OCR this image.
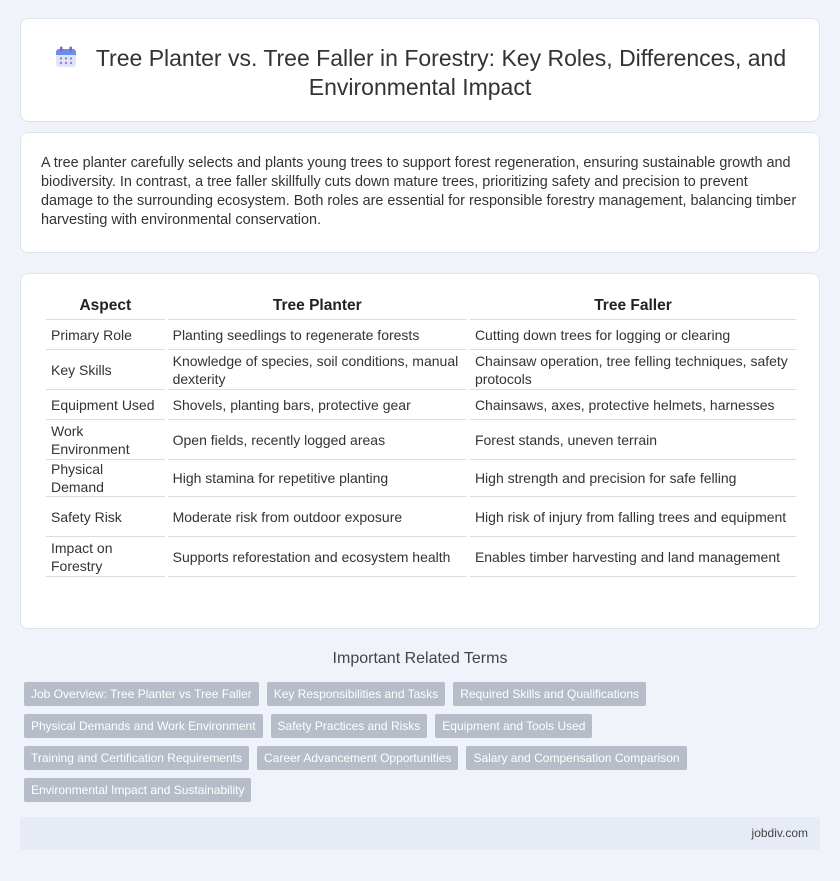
Tree Planter vs. Tree Faller in Forestry: Key Roles, Differences, and Environmental Impact

A tree planter carefully selects and plants young trees to support forest regeneration, ensuring sustainable growth and biodiversity. In contrast, a tree faller skillfully cuts down mature trees, prioritizing safety and precision to prevent damage to the surrounding ecosystem. Both roles are essential for responsible forestry management, balancing timber harvesting with environmental conservation.

Aspect	Tree Planter	Tree Faller
Primary Role	Planting seedlings to regenerate forests	Cutting down trees for logging or clearing
Key Skills	Knowledge of species, soil conditions, manual dexterity	Chainsaw operation, tree felling techniques, safety protocols
Equipment Used	Shovels, planting bars, protective gear	Chainsaws, axes, protective helmets, harnesses
Work Environment	Open fields, recently logged areas	Forest stands, uneven terrain
Physical Demand	High stamina for repetitive planting	High strength and precision for safe felling
Safety Risk	Moderate risk from outdoor exposure	High risk of injury from falling trees and equipment
Impact on Forestry	Supports reforestation and ecosystem health	Enables timber harvesting and land management
Important Related Terms
Job Overview: Tree Planter vs Tree Faller Key Responsibilities and Tasks Required Skills and QualificationsPhysical Demands and Work Environment Safety Practices and Risks Equipment and Tools UsedTraining and Certification Requirements Career Advancement Opportunities Salary and Compensation ComparisonEnvironmental Impact and Sustainability
jobdiv.com
